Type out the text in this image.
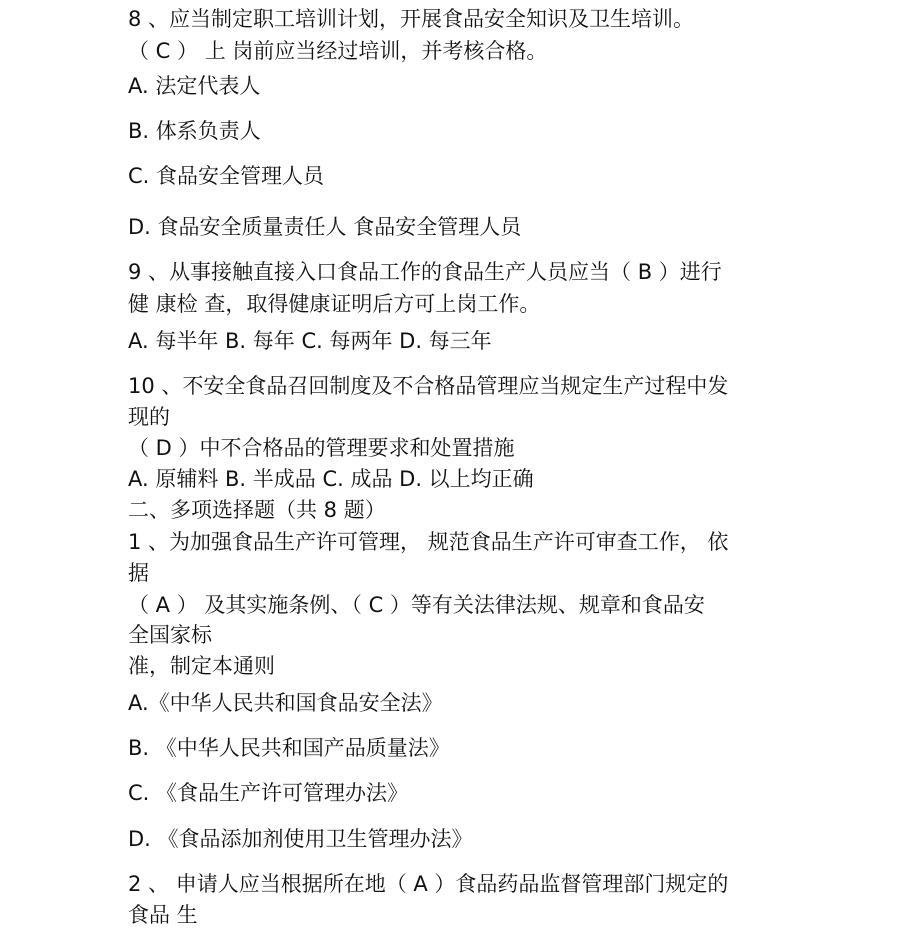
8 、应当制定职工培训计划，开展食品安全知识及卫生培训。
（ C ） 上 岗前应当经过培训，并考核合格。
A. 法定代表人
B. 体系负责人
C. 食品安全管理人员
D. 食品安全质量责任人 食品安全管理人员
9 、从事接触直接入口食品工作的食品生产人员应当（ B ）进行
健 康检 查，取得健康证明后方可上岗工作。
A. 每半年 B. 每年 C. 每两年 D. 每三年
10 、不安全食品召回制度及不合格品管理应当规定生产过程中发
现的
（ D ）中不合格品的管理要求和处置措施
A. 原辅料 B. 半成品 C. 成品 D. 以上均正确
二、多项选择题（共 8 题）
1 、为加强食品生产许可管理， 规范食品生产许可审查工作， 依
据
（ A ） 及其实施条例、（ C ）等有关法律法规、规章和食品安
全国家标
准，制定本通则
A.《中华人民共和国食品安全法》
B. 《中华人民共和国产品质量法》
C. 《食品生产许可管理办法》
D. 《食品添加剂使用卫生管理办法》
2 、 申请人应当根据所在地（ A ）食品药品监督管理部门规定的
食品 生
